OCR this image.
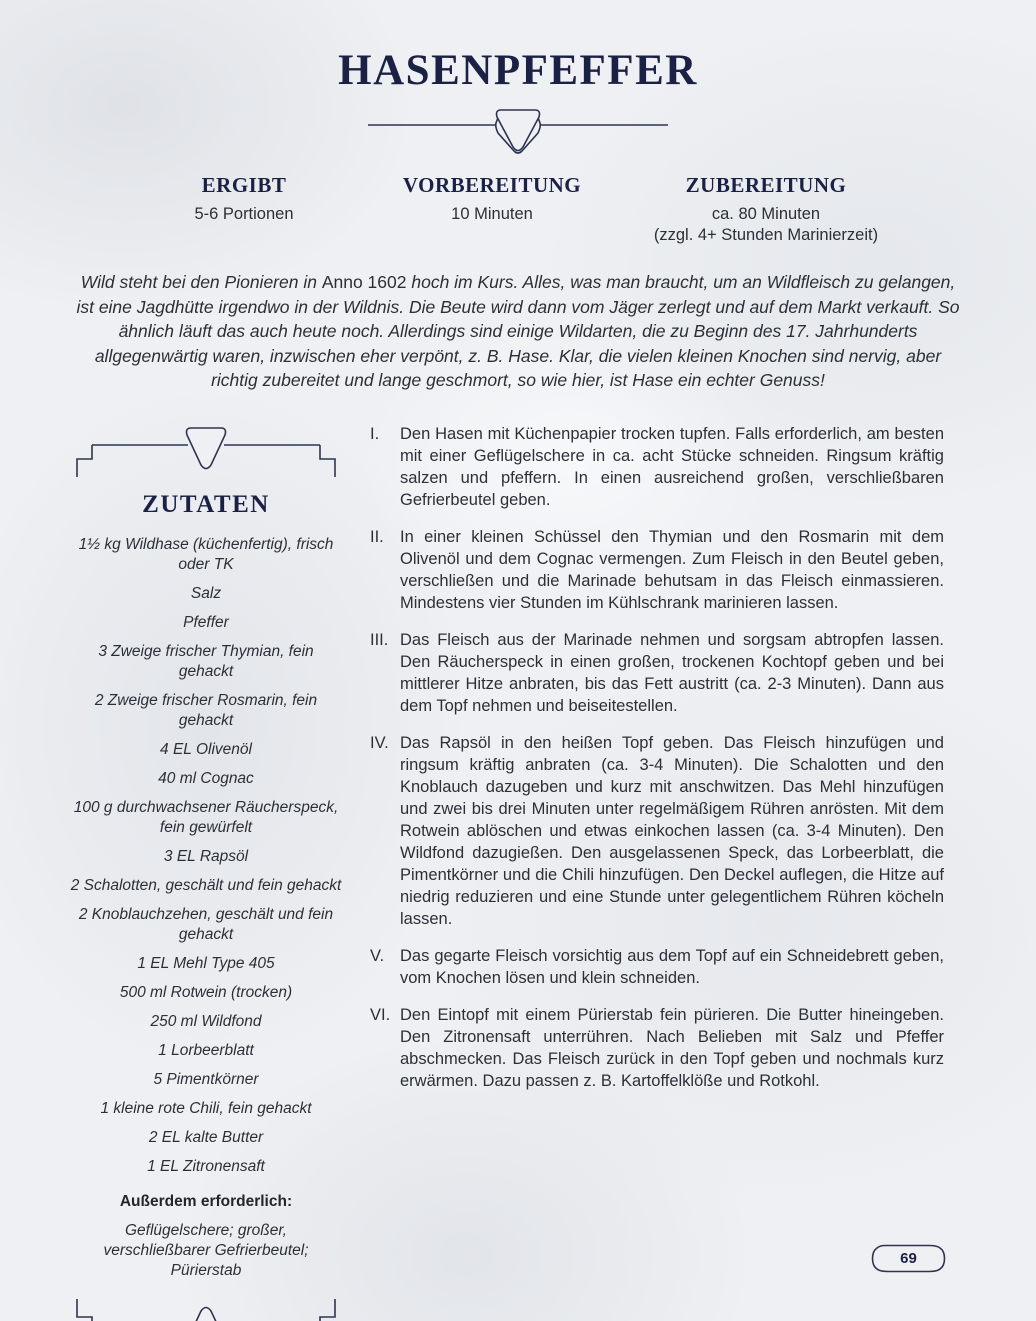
HASENPFEFFER
ERGIBT
5-6 Portionen
VORBEREITUNG
10 Minuten
ZUBEREITUNG
ca. 80 Minuten
(zzgl. 4+ Stunden Marinierzeit)

Wild steht bei den Pionieren in Anno 1602 hoch im Kurs. Alles, was man braucht, um an Wildfleisch zu gelangen, ist eine Jagdhütte irgendwo in der Wildnis. Die Beute wird dann vom Jäger zerlegt und auf dem Markt verkauft. So ähnlich läuft das auch heute noch. Allerdings sind einige Wildarten, die zu Beginn des 17. Jahrhunderts allgegenwärtig waren, inzwischen eher verpönt, z. B. Hase. Klar, die vielen kleinen Knochen sind nervig, aber richtig zubereitet und lange geschmort, so wie hier, ist Hase ein echter Genuss!

ZUTATEN
1½ kg Wildhase (küchenfertig), frisch oder TK
Salz
Pfeffer
3 Zweige frischer Thymian, fein gehackt
2 Zweige frischer Rosmarin, fein gehackt
4 EL Olivenöl
40 ml Cognac
100 g durchwachsener Räucherspeck, fein gewürfelt
3 EL Rapsöl
2 Schalotten, geschält und fein gehackt
2 Knoblauchzehen, geschält und fein gehackt
1 EL Mehl Type 405
500 ml Rotwein (trocken)
250 ml Wildfond
1 Lorbeerblatt
5 Pimentkörner
1 kleine rote Chili, fein gehackt
2 EL kalte Butter
1 EL Zitronensaft
Außerdem erforderlich:
Geflügelschere; großer, verschließbarer Gefrierbeutel; Pürierstab
I.	Den Hasen mit Küchenpapier trocken tupfen. Falls erforderlich, am besten mit einer Geflügelschere in ca. acht Stücke schneiden. Ringsum kräftig salzen und pfeffern. In einen ausreichend großen, verschließbaren Gefrierbeutel geben.
II. In einer kleinen Schüssel den Thymian und den Rosmarin mit dem Olivenöl und dem Cognac vermengen. Zum Fleisch in den Beutel geben, verschließen und die Marinade behutsam in das Fleisch einmassieren. Mindestens vier Stunden im Kühlschrank marinieren lassen.
III. Das Fleisch aus der Marinade nehmen und sorgsam abtropfen lassen. Den Räucherspeck in einen großen, trockenen Kochtopf geben und bei mittlerer Hitze anbraten, bis das Fett austritt (ca. 2-3 Minuten). Dann aus dem Topf nehmen und beiseitestellen.
IV. Das Rapsöl in den heißen Topf geben. Das Fleisch hinzufügen und ringsum kräftig anbraten (ca. 3-4 Minuten). Die Schalotten und den Knoblauch dazugeben und kurz mit anschwitzen. Das Mehl hinzufügen und zwei bis drei Minuten unter regelmäßigem Rühren anrösten. Mit dem Rotwein ablöschen und etwas einkochen lassen (ca. 3-4 Minuten). Den Wildfond dazugießen. Den ausgelassenen Speck, das Lorbeerblatt, die Pimentkörner und die Chili hinzufügen. Den Deckel auflegen, die Hitze auf niedrig reduzieren und eine Stunde unter gelegentlichem Rühren köcheln lassen.
V. Das gegarte Fleisch vorsichtig aus dem Topf auf ein Schneidebrett geben, vom Knochen lösen und klein schneiden.
VI. Den Eintopf mit einem Pürierstab fein pürieren. Die Butter hineingeben. Den Zitronensaft unterrühren. Nach Belieben mit Salz und Pfeffer abschmecken. Das Fleisch zurück in den Topf geben und nochmals kurz erwärmen. Dazu passen z. B. Kartoffelklöße und Rotkohl.
69
